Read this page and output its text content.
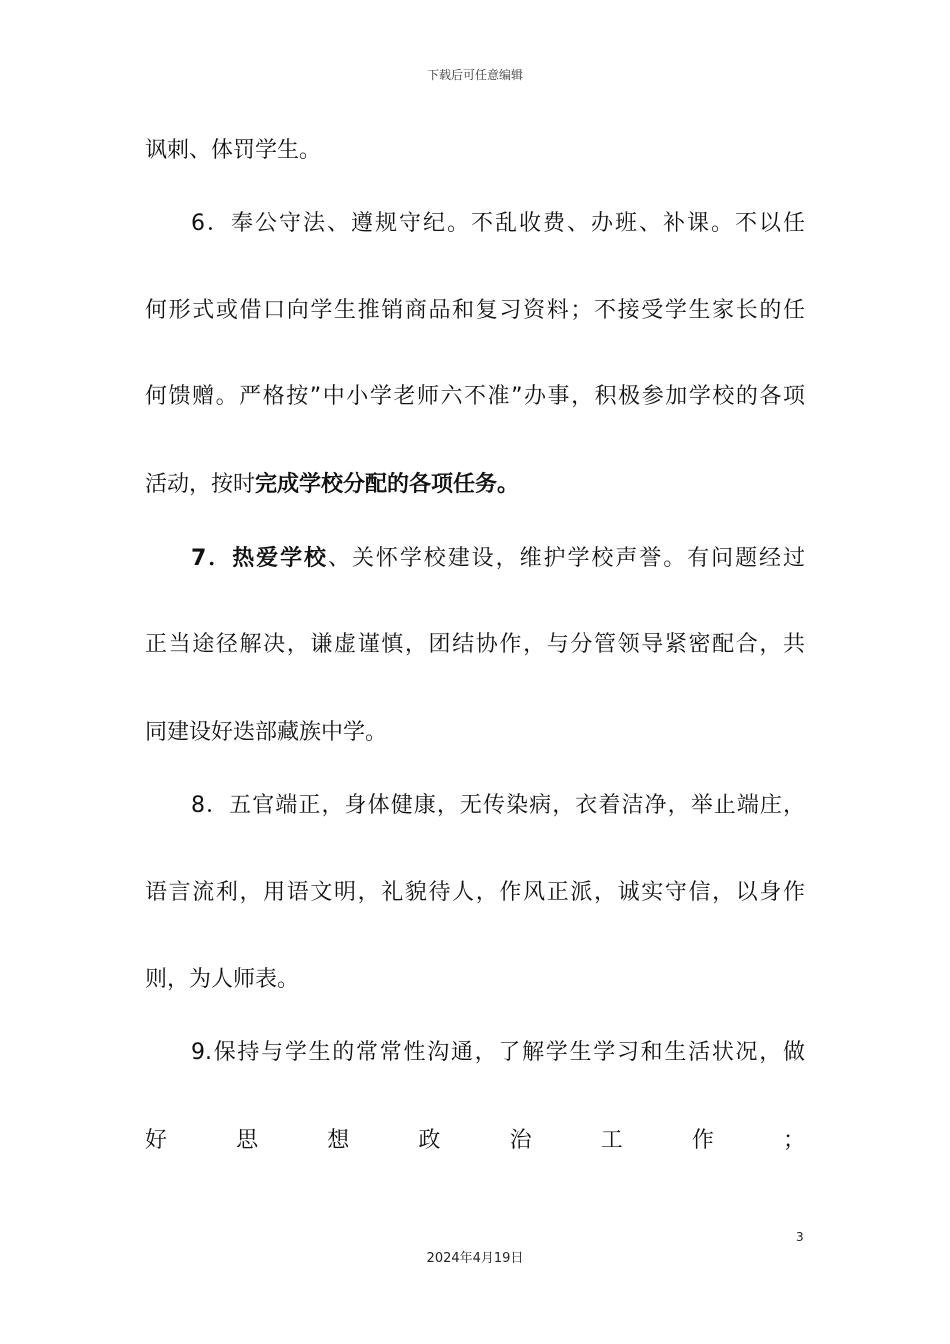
下载后可任意编辑
讽刺、体罚学生。
6．奉公守法、遵规守纪。不乱收费、办班、补课。不以任
何形式或借口向学生推销商品和复习资料；不接受学生家长的任
何馈赠。严格按”中小学老师六不准”办事，积极参加学校的各项
活动，按时完成学校分配的各项任务。
7．热爱学校、关怀学校建设，维护学校声誉。有问题经过
正当途径解决，谦虚谨慎，团结协作，与分管领导紧密配合，共
同建设好迭部藏族中学。
8．五官端正，身体健康，无传染病，衣着洁净，举止端庄，
语言流利，用语文明，礼貌待人，作风正派，诚实守信，以身作
则，为人师表。
9.保持与学生的常常性沟通，了解学生学习和生活状况，做
好思想政治工作；
3
2024年4月19日
